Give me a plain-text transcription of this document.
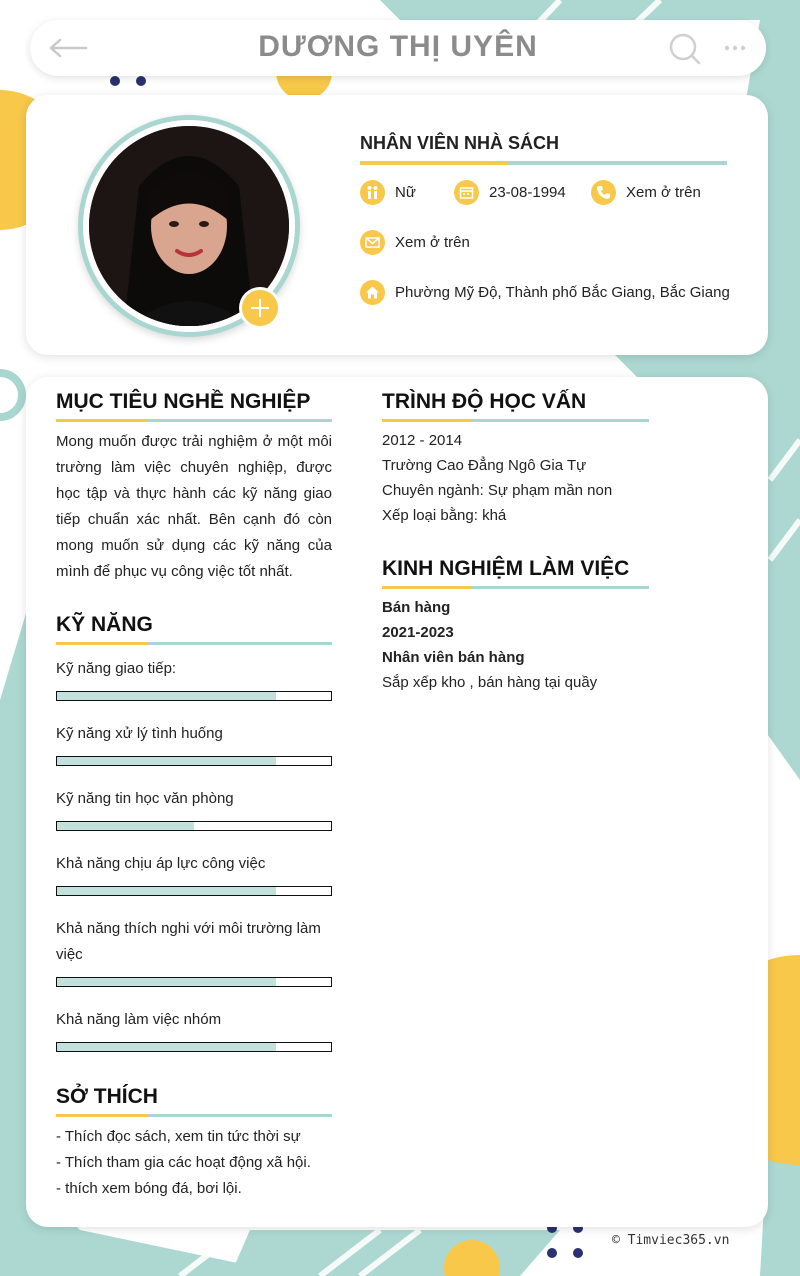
DƯƠNG THỊ UYÊN
NHÂN VIÊN NHÀ SÁCH
Nữ	23-08-1994	Xem ở trên
Xem ở trên
Phường Mỹ Độ, Thành phố Bắc Giang, Bắc Giang
MỤC TIÊU NGHỀ NGHIỆP
Mong muốn được trải nghiệm ở một môi trường làm việc chuyên nghiệp, được học tập và thực hành các kỹ năng giao tiếp chuẩn xác nhất. Bên cạnh đó còn mong muốn sử dụng các kỹ năng của mình để phục vụ công việc tốt nhất.
KỸ NĂNG
Kỹ năng giao tiếp:
Kỹ năng xử lý tình huống
Kỹ năng tin học văn phòng
Khả năng chịu áp lực công việc
Khả năng thích nghi với môi trường làm việc
Khả năng làm việc nhóm
SỞ THÍCH
- Thích đọc sách, xem tin tức thời sự
- Thích tham gia các hoạt động xã hội.
- thích xem bóng đá, bơi lội.
TRÌNH ĐỘ HỌC VẤN
2012 - 2014
Trường Cao Đẳng Ngô Gia Tự
Chuyên ngành: Sự phạm mần non
Xếp loại bằng: khá
KINH NGHIỆM LÀM VIỆC
Bán hàng
2021-2023
Nhân viên bán hàng
Sắp xếp kho , bán hàng tại quầy
© Timviec365.vn
